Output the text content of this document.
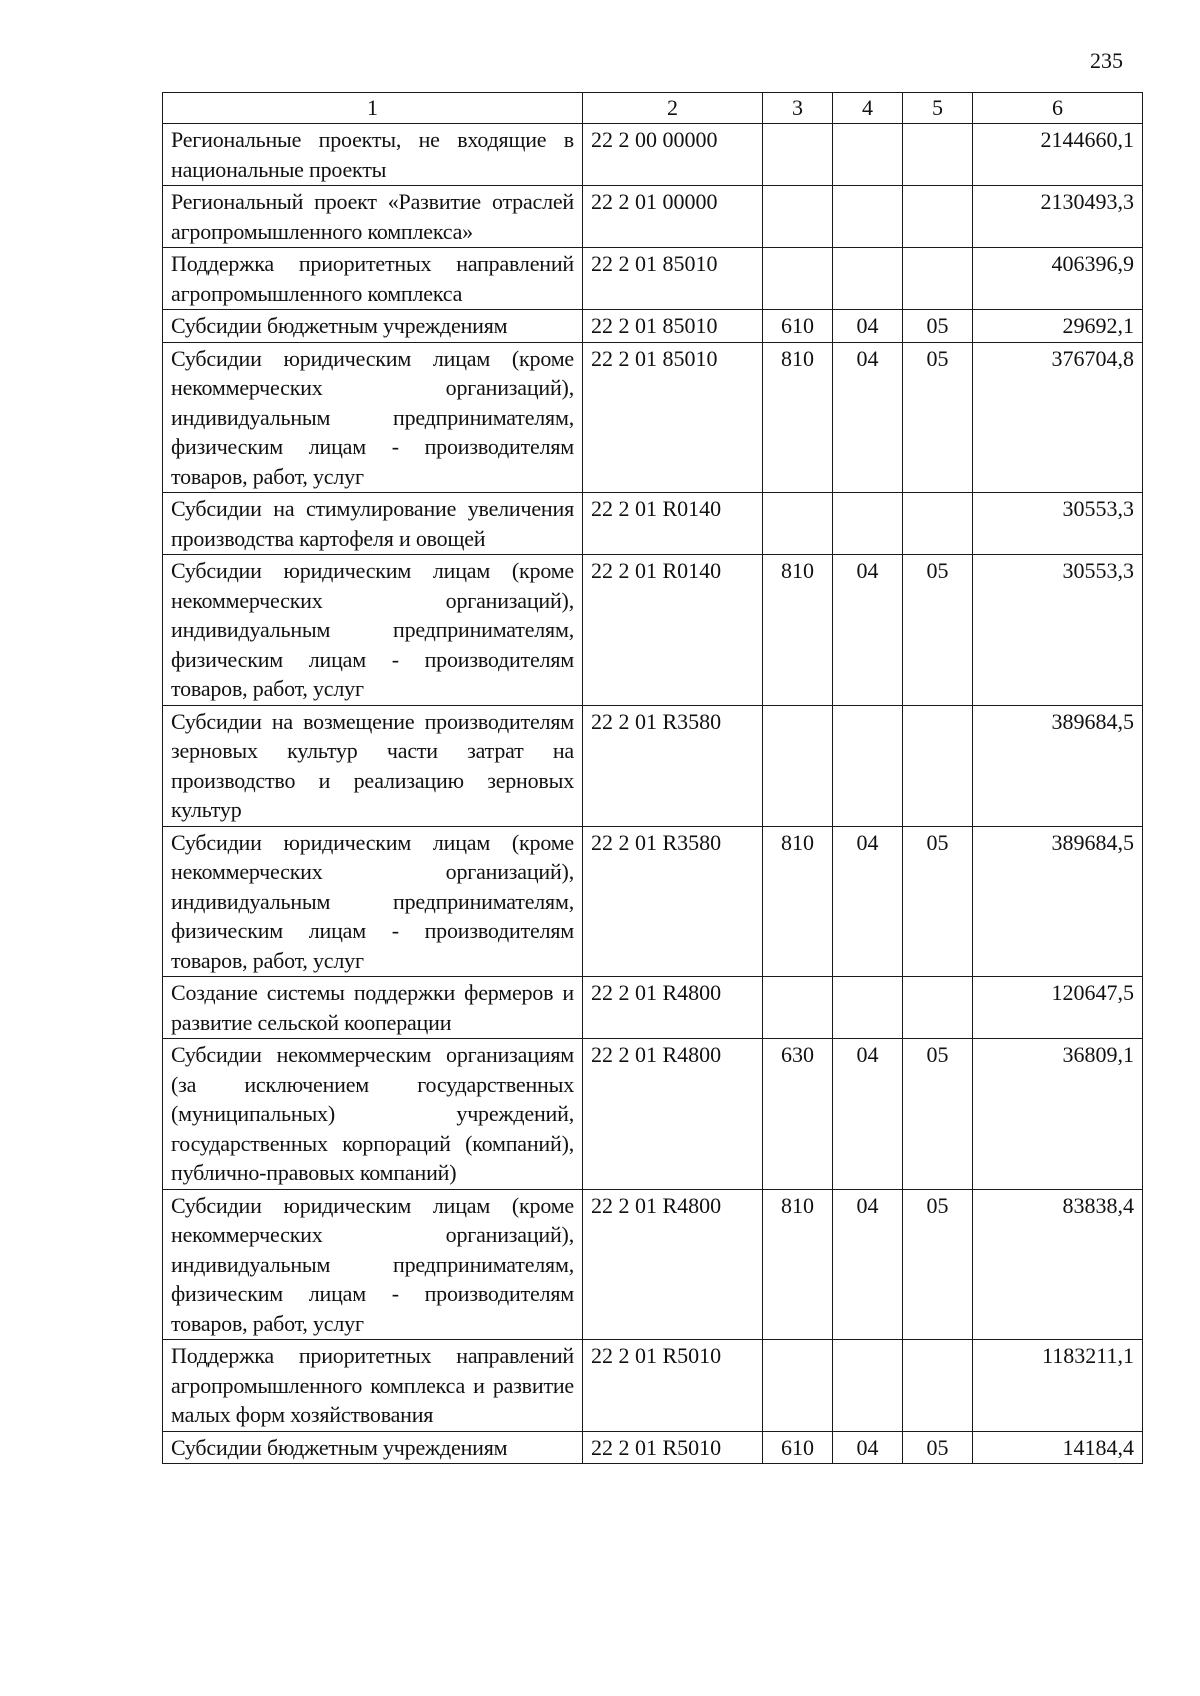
235
1	2	3	4	5	6
Региональные проекты, не входящие в национальные проекты	22 2 00 00000				2144660,1
Региональный проект «Развитие отраслей агропромышленного комплекса»	22 2 01 00000				2130493,3
Поддержка приоритетных направлений агропромышленного комплекса	22 2 01 85010				406396,9
Субсидии бюджетным учреждениям	22 2 01 85010	610	04	05	29692,1
Субсидии юридическим лицам (кроме некоммерческих организаций), индивидуальным предпринимателям, физическим лицам - производителям товаров, работ, услуг	22 2 01 85010	810	04	05	376704,8
Субсидии на стимулирование увеличения производства картофеля и овощей	22 2 01 R0140				30553,3
Субсидии юридическим лицам (кроме некоммерческих организаций), индивидуальным предпринимателям, физическим лицам - производителям товаров, работ, услуг	22 2 01 R0140	810	04	05	30553,3
Субсидии на возмещение производителям зерновых культур части затрат на производство и реализацию зерновых культур	22 2 01 R3580				389684,5
Субсидии юридическим лицам (кроме некоммерческих организаций), индивидуальным предпринимателям, физическим лицам - производителям товаров, работ, услуг	22 2 01 R3580	810	04	05	389684,5
Создание системы поддержки фермеров и развитие сельской кооперации	22 2 01 R4800				120647,5
Субсидии некоммерческим организациям (за исключением государственных (муниципальных) учреждений, государственных корпораций (компаний), публично-правовых компаний)	22 2 01 R4800	630	04	05	36809,1
Субсидии юридическим лицам (кроме некоммерческих организаций), индивидуальным предпринимателям, физическим лицам - производителям товаров, работ, услуг	22 2 01 R4800	810	04	05	83838,4
Поддержка приоритетных направлений агропромышленного комплекса и развитие малых форм хозяйствования	22 2 01 R5010				1183211,1
Субсидии бюджетным учреждениям	22 2 01 R5010	610	04	05	14184,4
